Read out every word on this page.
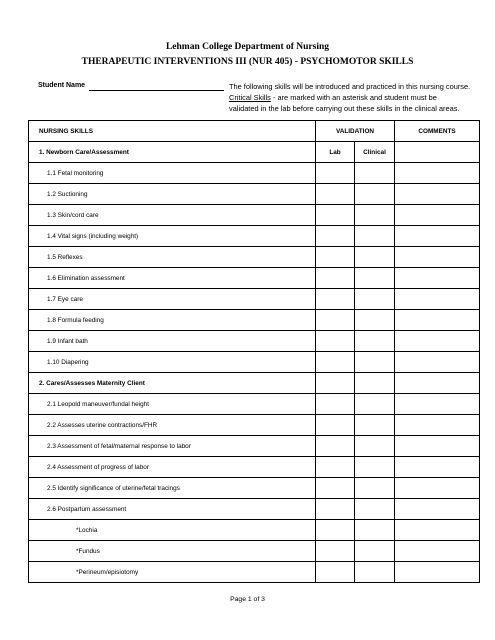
Lehman College Department of Nursing
THERAPEUTIC INTERVENTIONS III (NUR 405) - PSYCHOMOTOR SKILLS
Student Name	The following skills will be introduced and practiced in this nursing course.
Critical Skills - are marked with an asterisk and student must be
validated in the lab before carrying out these skills in the clinical areas.
NURSING SKILLS	VALIDATION		COMMENTS
1. Newborn Care/Assessment	Lab	Clinical	
1.1 Fetal monitoring			
1.2 Suctioning			
1.3 Skin/cord care			
1.4 Vital signs (including weight)			
1.5 Reflexes			
1.6 Elimination assessment			
1.7 Eye care			
1.8 Formula feeding			
1.9 Infant bath			
1.10 Diapering			
2. Cares/Assesses Maternity Client			
2.1 Leopold maneuver/fundal height			
2.2 Assesses uterine contractions/FHR			
2.3 Assessment of fetal/maternal response to labor			
2.4 Assessment of progress of labor			
2.5 Identify significance of uterine/fetal tracings			
2.6 Postpartum assessment			
*Lochia			
*Fundus			
*Perineum/episiotomy			
Page 1 of 3
